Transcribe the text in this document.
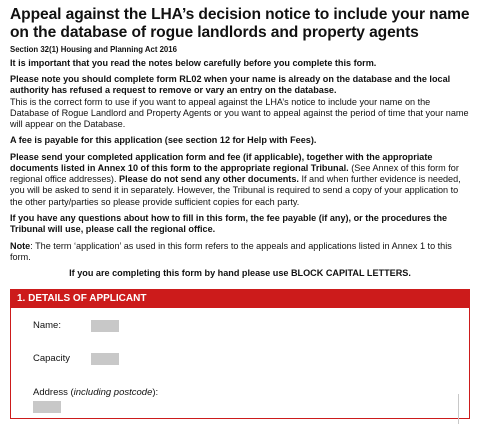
Appeal against the LHA’s decision notice to include your name on the database of rogue landlords and property agents
Section 32(1) Housing and Planning Act 2016

It is important that you read the notes below carefully before you complete this form.

Please note you should complete form RL02 when your name is already on the database and the local authority has refused a request to remove or vary an entry on the database.
This is the correct form to use if you want to appeal against the LHA’s notice to include your name on the Database of Rogue Landlord and Property Agents or you want to appeal against the period of time that your name will appear on the Database.

A fee is payable for this application (see section 12 for Help with Fees).

Please send your completed application form and fee (if applicable), together with the appropriate documents listed in Annex 10 of this form to the appropriate regional Tribunal. (See Annex of this form for regional office addresses). Please do not send any other documents. If and when further evidence is needed, you will be asked to send it in separately. However, the Tribunal is required to send a copy of your application to the other party/parties so please provide sufficient copies for each party.

If you have any questions about how to fill in this form, the fee payable (if any), or the procedures the Tribunal will use, please call the regional office.

Note: The term ‘application’ as used in this form refers to the appeals and applications listed in Annex 1 to this form.

If you are completing this form by hand please use BLOCK CAPITAL LETTERS.

1. DETAILS OF APPLICANT
Name:
Capacity
Address (including postcode):
